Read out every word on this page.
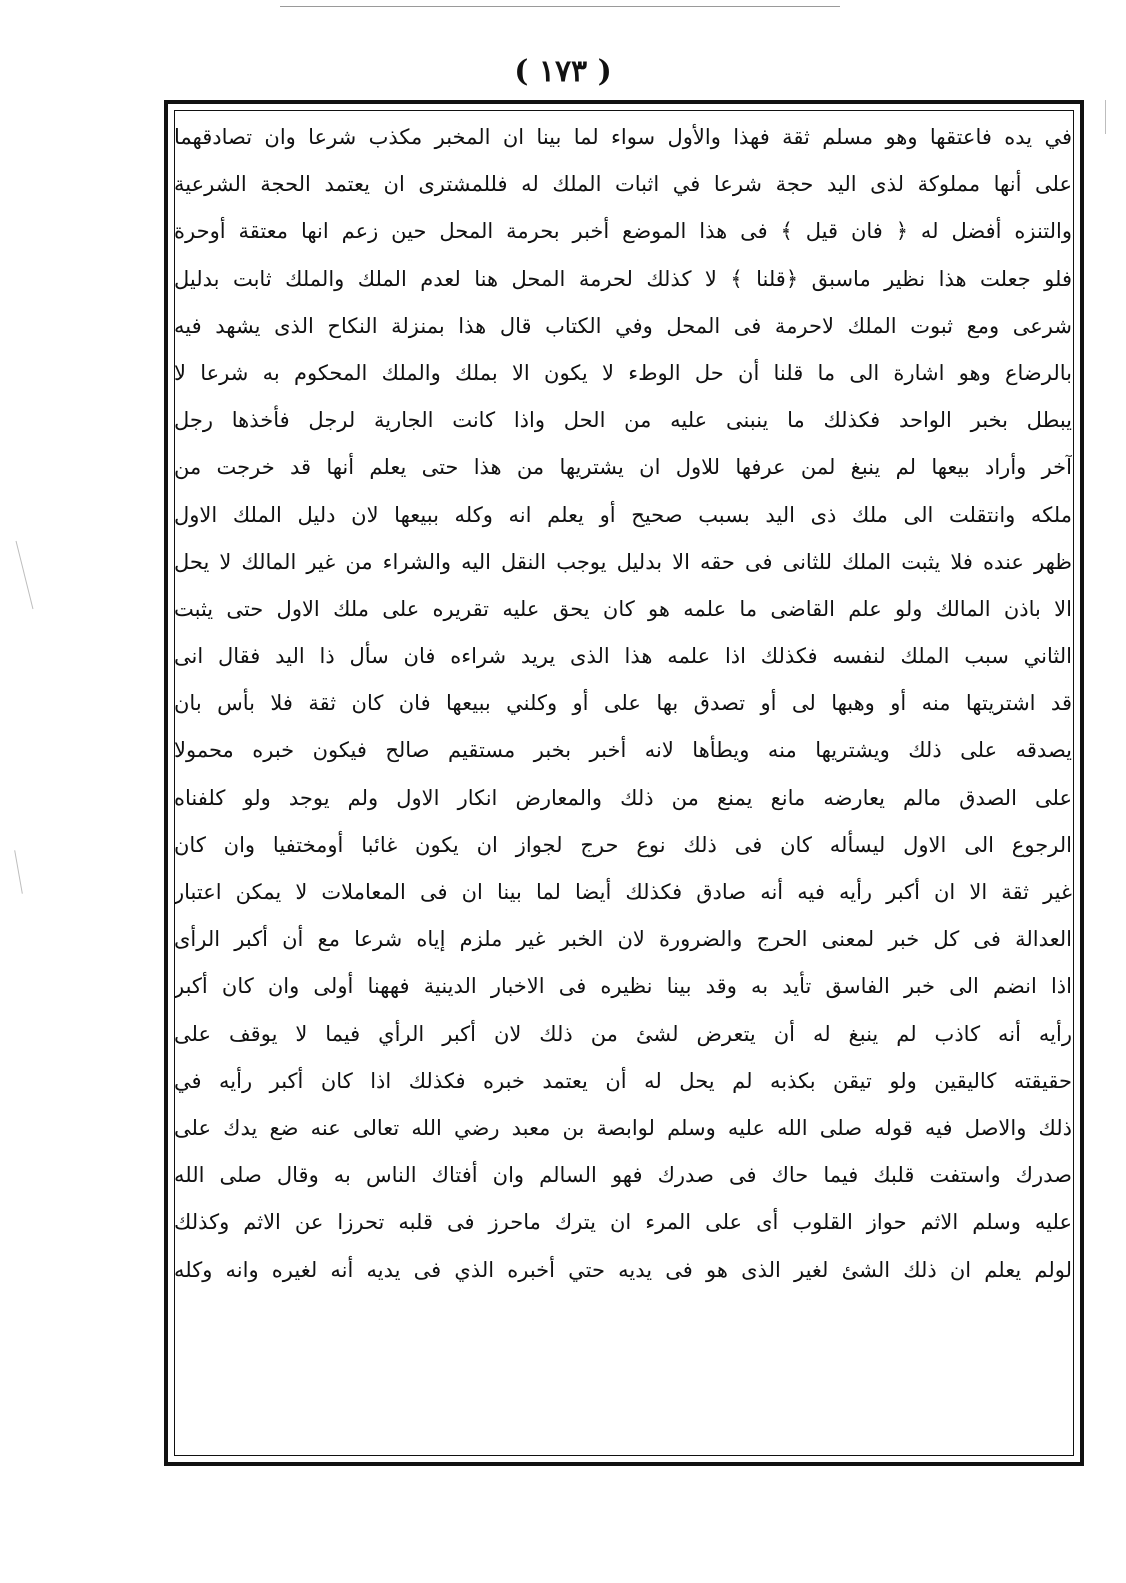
( ١٧٣ )
في يده فاعتقها وهو مسلم ثقة فهذا والأول سواء لما بينا ان المخبر مكذب شرعا وان تصادقهما
على أنها مملوكة لذى اليد حجة شرعا في اثبات الملك له فللمشترى ان يعتمد الحجة الشرعية
والتنزه أفضل له ﴿ فان قيل ﴾ فى هذا الموضع أخبر بحرمة المحل حين زعم انها معتقة أوحرة
فلو جعلت هذا نظير ماسبق ﴿قلنا ﴾ لا كذلك لحرمة المحل هنا لعدم الملك والملك ثابت بدليل
شرعى ومع ثبوت الملك لاحرمة فى المحل وفي الكتاب قال هذا بمنزلة النكاح الذى يشهد فيه
بالرضاع وهو اشارة الى ما قلنا أن حل الوطء لا يكون الا بملك والملك المحكوم به شرعا لا
يبطل بخبر الواحد فكذلك ما ينبنى عليه من الحل واذا كانت الجارية لرجل فأخذها رجل
آخر وأراد بيعها لم ينبغ لمن عرفها للاول ان يشتريها من هذا حتى يعلم أنها قد خرجت من
ملكه وانتقلت الى ملك ذى اليد بسبب صحيح أو يعلم انه وكله ببيعها لان دليل الملك الاول
ظهر عنده فلا يثبت الملك للثانى فى حقه الا بدليل يوجب النقل اليه والشراء من غير المالك لا يحل
الا باذن المالك ولو علم القاضى ما علمه هو كان يحق عليه تقريره على ملك الاول حتى يثبت
الثاني سبب الملك لنفسه فكذلك اذا علمه هذا الذى يريد شراءه فان سأل ذا اليد فقال انى
قد اشتريتها منه أو وهبها لى أو تصدق بها على أو وكلني ببيعها فان كان ثقة فلا بأس بان
يصدقه على ذلك ويشتريها منه ويطأها لانه أخبر بخبر مستقيم صالح فيكون خبره محمولا
على الصدق مالم يعارضه مانع يمنع من ذلك والمعارض انكار الاول ولم يوجد ولو كلفناه
الرجوع الى الاول ليسأله كان فى ذلك نوع حرج لجواز ان يكون غائبا أومختفيا وان كان
غير ثقة الا ان أكبر رأيه فيه أنه صادق فكذلك أيضا لما بينا ان فى المعاملات لا يمكن اعتبار
العدالة فى كل خبر لمعنى الحرج والضرورة لان الخبر غير ملزم إياه شرعا مع أن أكبر الرأى
اذا انضم الى خبر الفاسق تأيد به وقد بينا نظيره فى الاخبار الدينية فههنا أولى وان كان أكبر
رأيه أنه كاذب لم ينبغ له أن يتعرض لشئ من ذلك لان أكبر الرأي فيما لا يوقف على
حقيقته كاليقين ولو تيقن بكذبه لم يحل له أن يعتمد خبره فكذلك اذا كان أكبر رأيه في
ذلك والاصل فيه قوله صلى الله عليه وسلم لوابصة بن معبد رضي الله تعالى عنه ضع يدك على
صدرك واستفت قلبك فيما حاك فى صدرك فهو السالم وان أفتاك الناس به وقال صلى الله
عليه وسلم الاثم حواز القلوب أى على المرء ان يترك ماحرز فى قلبه تحرزا عن الاثم وكذلك
لولم يعلم ان ذلك الشئ لغير الذى هو فى يديه حتي أخبره الذي فى يديه أنه لغيره وانه وكله
